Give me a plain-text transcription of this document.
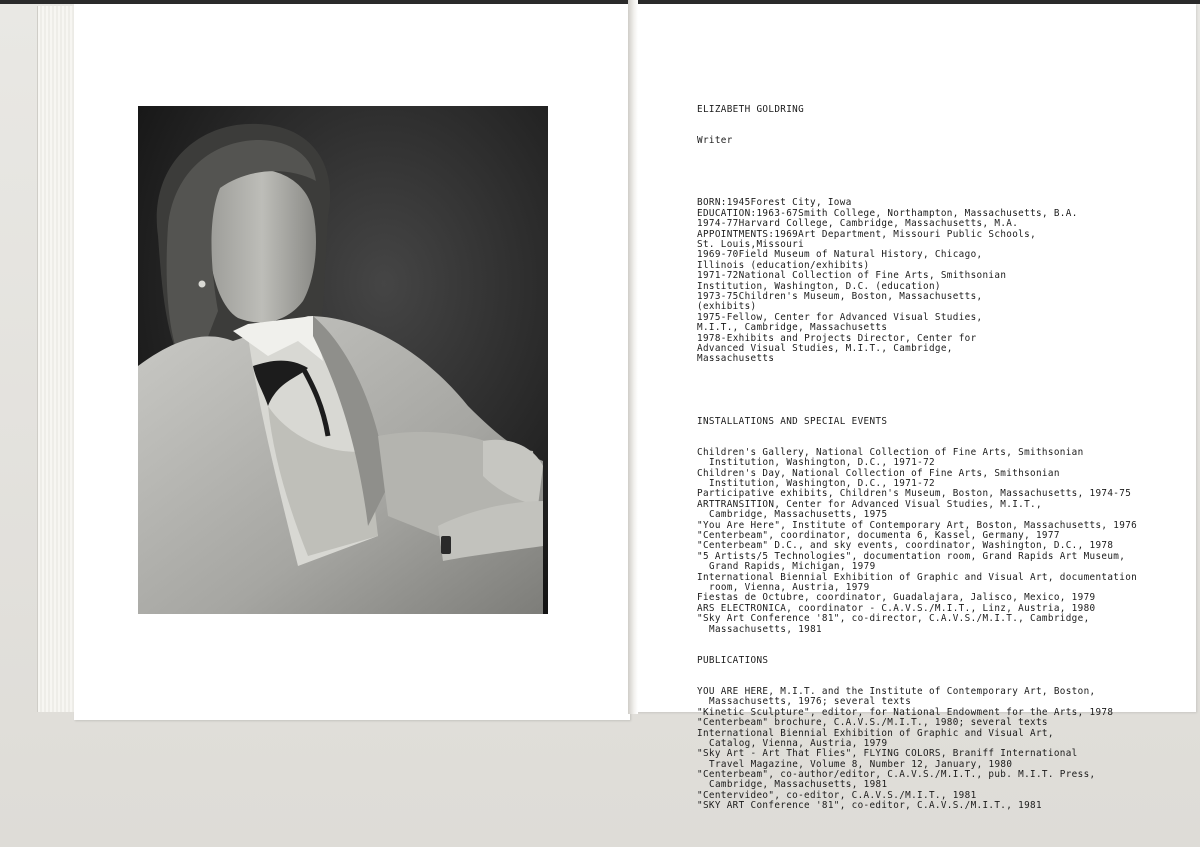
ELIZABETH GOLDRING

Writer

BORN:1945Forest City, Iowa
EDUCATION:1963-67Smith College, Northampton, Massachusetts, B.A.
1974-77Harvard College, Cambridge, Massachusetts, M.A.
APPOINTMENTS:1969Art Department, Missouri Public Schools,
St. Louis,Missouri
1969-70Field Museum of Natural History, Chicago,
Illinois (education/exhibits)
1971-72National Collection of Fine Arts, Smithsonian
Institution, Washington, D.C. (education)
1973-75Children's Museum, Boston, Massachusetts,
(exhibits)
1975-Fellow, Center for Advanced Visual Studies,
M.I.T., Cambridge, Massachusetts
1978-Exhibits and Projects Director, Center for
Advanced Visual Studies, M.I.T., Cambridge,
Massachusetts

INSTALLATIONS AND SPECIAL EVENTS

Children's Gallery, National Collection of Fine Arts, Smithsonian
Institution, Washington, D.C., 1971-72
Children's Day, National Collection of Fine Arts, Smithsonian
Institution, Washington, D.C., 1971-72
Participative exhibits, Children's Museum, Boston, Massachusetts, 1974-75
ARTTRANSITION, Center for Advanced Visual Studies, M.I.T.,
Cambridge, Massachusetts, 1975
"You Are Here", Institute of Contemporary Art, Boston, Massachusetts, 1976
"Centerbeam", coordinator, documenta 6, Kassel, Germany, 1977
"Centerbeam" D.C., and sky events, coordinator, Washington, D.C., 1978
"5 Artists/5 Technologies", documentation room, Grand Rapids Art Museum,
Grand Rapids, Michigan, 1979
International Biennial Exhibition of Graphic and Visual Art, documentation
room, Vienna, Austria, 1979
Fiestas de Octubre, coordinator, Guadalajara, Jalisco, Mexico, 1979
ARS ELECTRONICA, coordinator - C.A.V.S./M.I.T., Linz, Austria, 1980
"Sky Art Conference '81", co-director, C.A.V.S./M.I.T., Cambridge,
Massachusetts, 1981

PUBLICATIONS

YOU ARE HERE, M.I.T. and the Institute of Contemporary Art, Boston,
Massachusetts, 1976; several texts
"Kinetic Sculpture", editor, for National Endowment for the Arts, 1978
"Centerbeam" brochure, C.A.V.S./M.I.T., 1980; several texts
International Biennial Exhibition of Graphic and Visual Art,
Catalog, Vienna, Austria, 1979
"Sky Art - Art That Flies", FLYING COLORS, Braniff International
Travel Magazine, Volume 8, Number 12, January, 1980
"Centerbeam", co-author/editor, C.A.V.S./M.I.T., pub. M.I.T. Press,
Cambridge, Massachusetts, 1981
"Centervideo", co-editor, C.A.V.S./M.I.T., 1981
"SKY ART Conference '81", co-editor, C.A.V.S./M.I.T., 1981
